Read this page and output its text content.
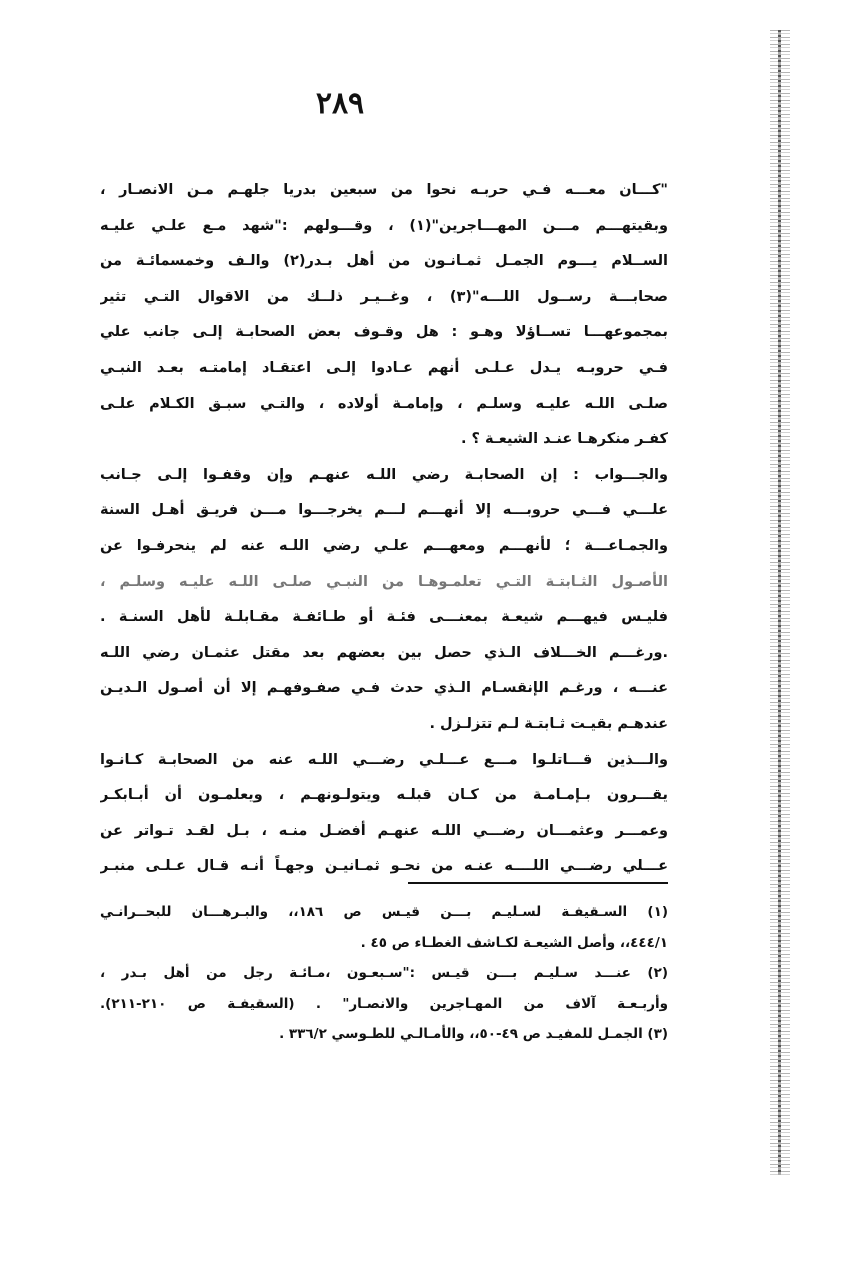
٢٨٩
"كـــان معـــه فـي حربـه نحوا من سبعين بدريا جلهـم مـن الانصـار ،
وبقيتهـــم مـــن المهـــاجرين"(١) ، وقـــولهم :"شهد مـع علـي عليـه
الســلام يـــوم الجمـل ثمـانـون من أهل بـدر(٢) والـف وخمسمائـة من
صحابـــة رســول اللـــه"(٣) ، وغــيـر ذلــك من الاقوال التـي تثير
بمجموعهـــا تســاؤلا وهـو : هل وقـوف بعض الصحابـة إلـى جانب علي
فـي حروبـه يـدل عـلـى أنهم عـادوا إلـى اعتقـاد إمامتـه بعـد النبـي
صلـى اللـه عليـه وسلـم ، وإمامـة أولاده ، والتـي سبـق الكـلام علـى
كفـر منكرهـا عنـد الشيعـة ؟ .
والجـــواب : إن الصحابـة رضي اللـه عنهـم وإن وقفـوا إلـى جـانب
علـــي فـــي حروبـــه إلا أنهـــم لـــم يخرجـــوا مـــن فريـق أهـل السنة
والجمـاعـــة ؛ لأنهـــم ومعهـــم علـي رضي اللـه عنه لم ينحرفـوا عن
الأصـول الثـابتـة التـي تعلمـوهـا من النبـي صلـى اللـه عليـه وسلـم ،
فليـس فيهـــم شيعـة بمعنـــى فئـة أو طـائفـة مقـابلـة لأهل السنـة .
.ورغـــم الخـــلاف الـذي حصل بين بعضهم بعد مقتل عثمـان رضي اللـه
عنـــه ، ورغـم الإنقسـام الـذي حدث فـي صفـوفهـم إلا أن أصـول الـديـن
عندهـم بقيـت ثـابتـة لـم تتزلـزل .
والـــذين قـــاتلـوا مـــع عـــلـي رضـــي اللـه عنه من الصحابـة كـانـوا
يقـــرون بـإمـامـة من كـان قبلـه ويتولـونهـم ، ويعلمـون أن أبـابكـر
وعمـــر وعثمـــان رضـــي اللـه عنهـم أفضـل منـه ، بـل لقـد تـواتر عن
عـــلي رضـــي اللــــه عنـه من نحـو ثمـانيـن وجهـاً أنـه قـال عـلـى منبـر
(١) السـقيفـة لسـليـم بـــن قيـس ص ١٨٦،، والبـرهـــان للبحــرانـي
٤٤٤/١،، وأصل الشيعـة لكـاشف الغطـاء ص ٤٥ .
(٢) عنـــد سـليـم بـــن قيـس :"سـبعـون ،مـائـة رجل من أهل بـدر ،
وأربـعـة آلاف من المهـاجرين والانصـار" . (السقيفـة ص ٢١٠-٢١١).
(٣) الجمـل للمفيـد ص ٤٩-٥٠،، والأمـالـي للطـوسي ٣٣٦/٢ .
